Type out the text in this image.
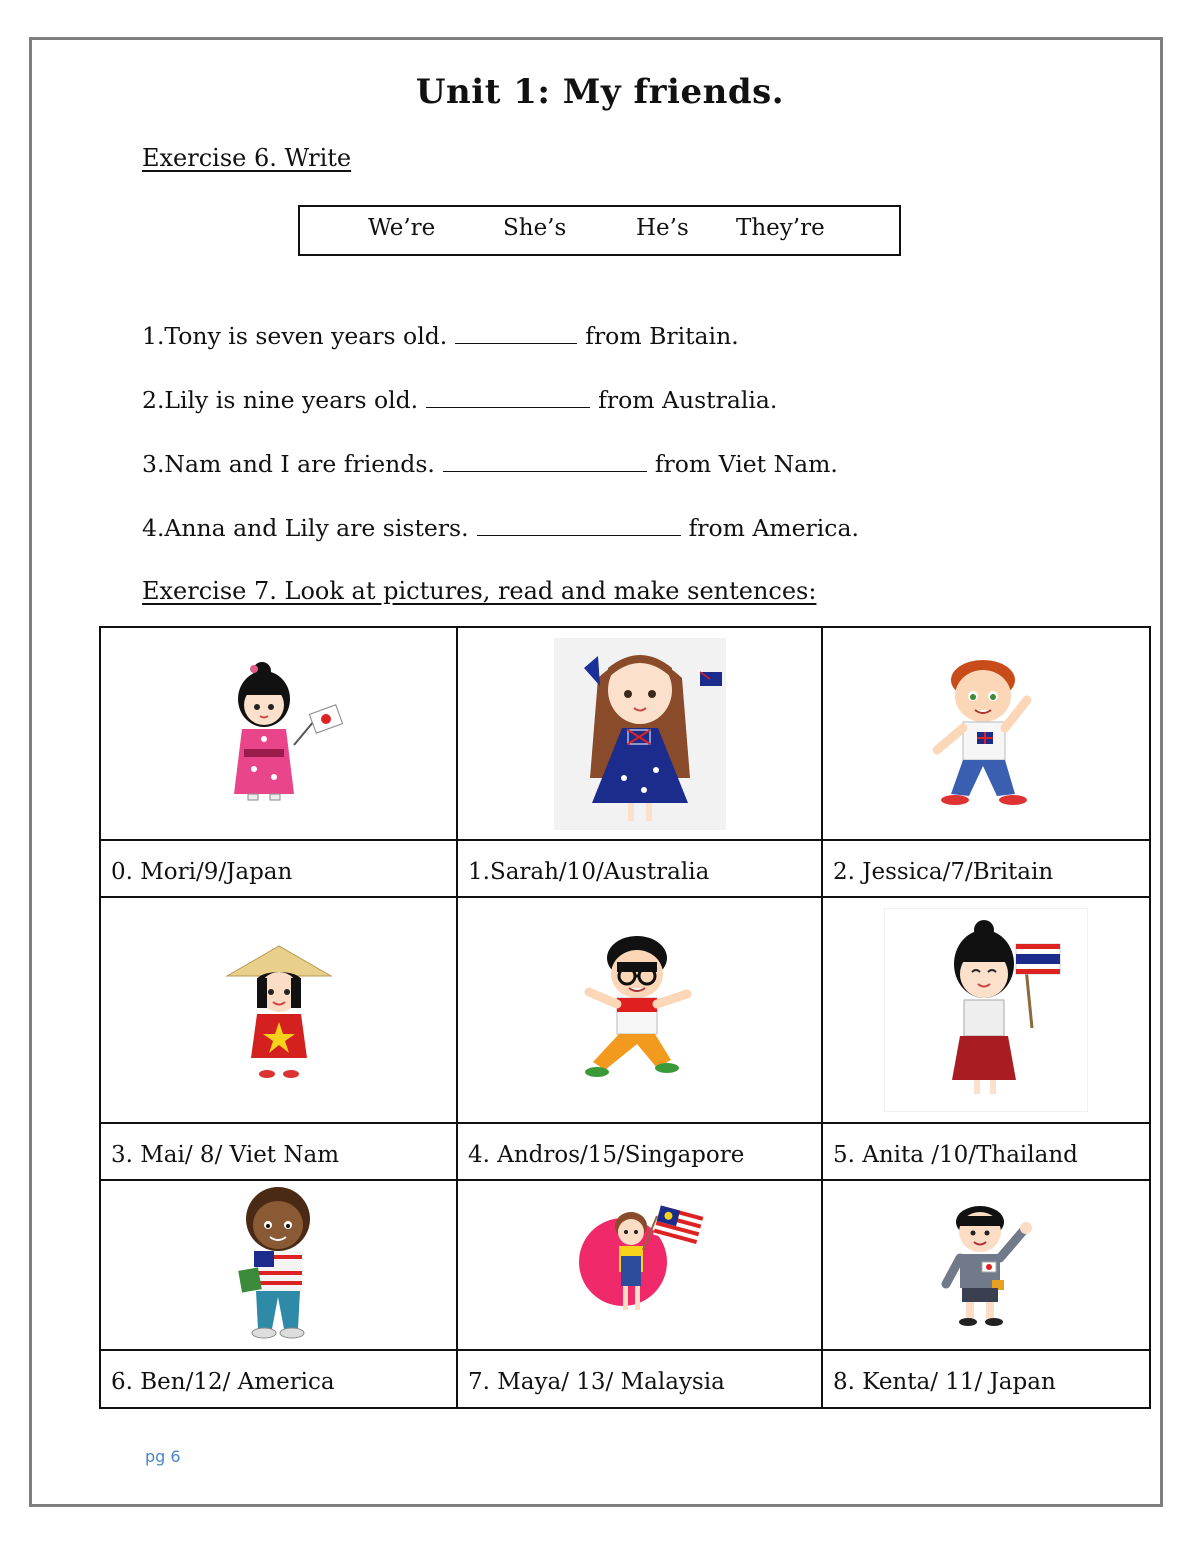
Unit 1: My friends.
Exercise 6. Write
We’re	She’s	He’s They’re
1.Tony is seven years old.	from Britain.
2.Lily is nine years old.	from Australia.
3.Nam and I are friends.	from Viet Nam.
4.Anna and Lily are sisters.	from America.
Exercise 7. Look at pictures, read and make sentences:

0. Mori/9/Japan	1.Sarah/10/Australia	2. Jessica/7/Britain

3. Mai/ 8/ Viet Nam	4. Andros/15/Singapore	5. Anita /10/Thailand

6. Ben/12/ America	7. Maya/ 13/ Malaysia	8. Kenta/ 11/ Japan
pg 6
